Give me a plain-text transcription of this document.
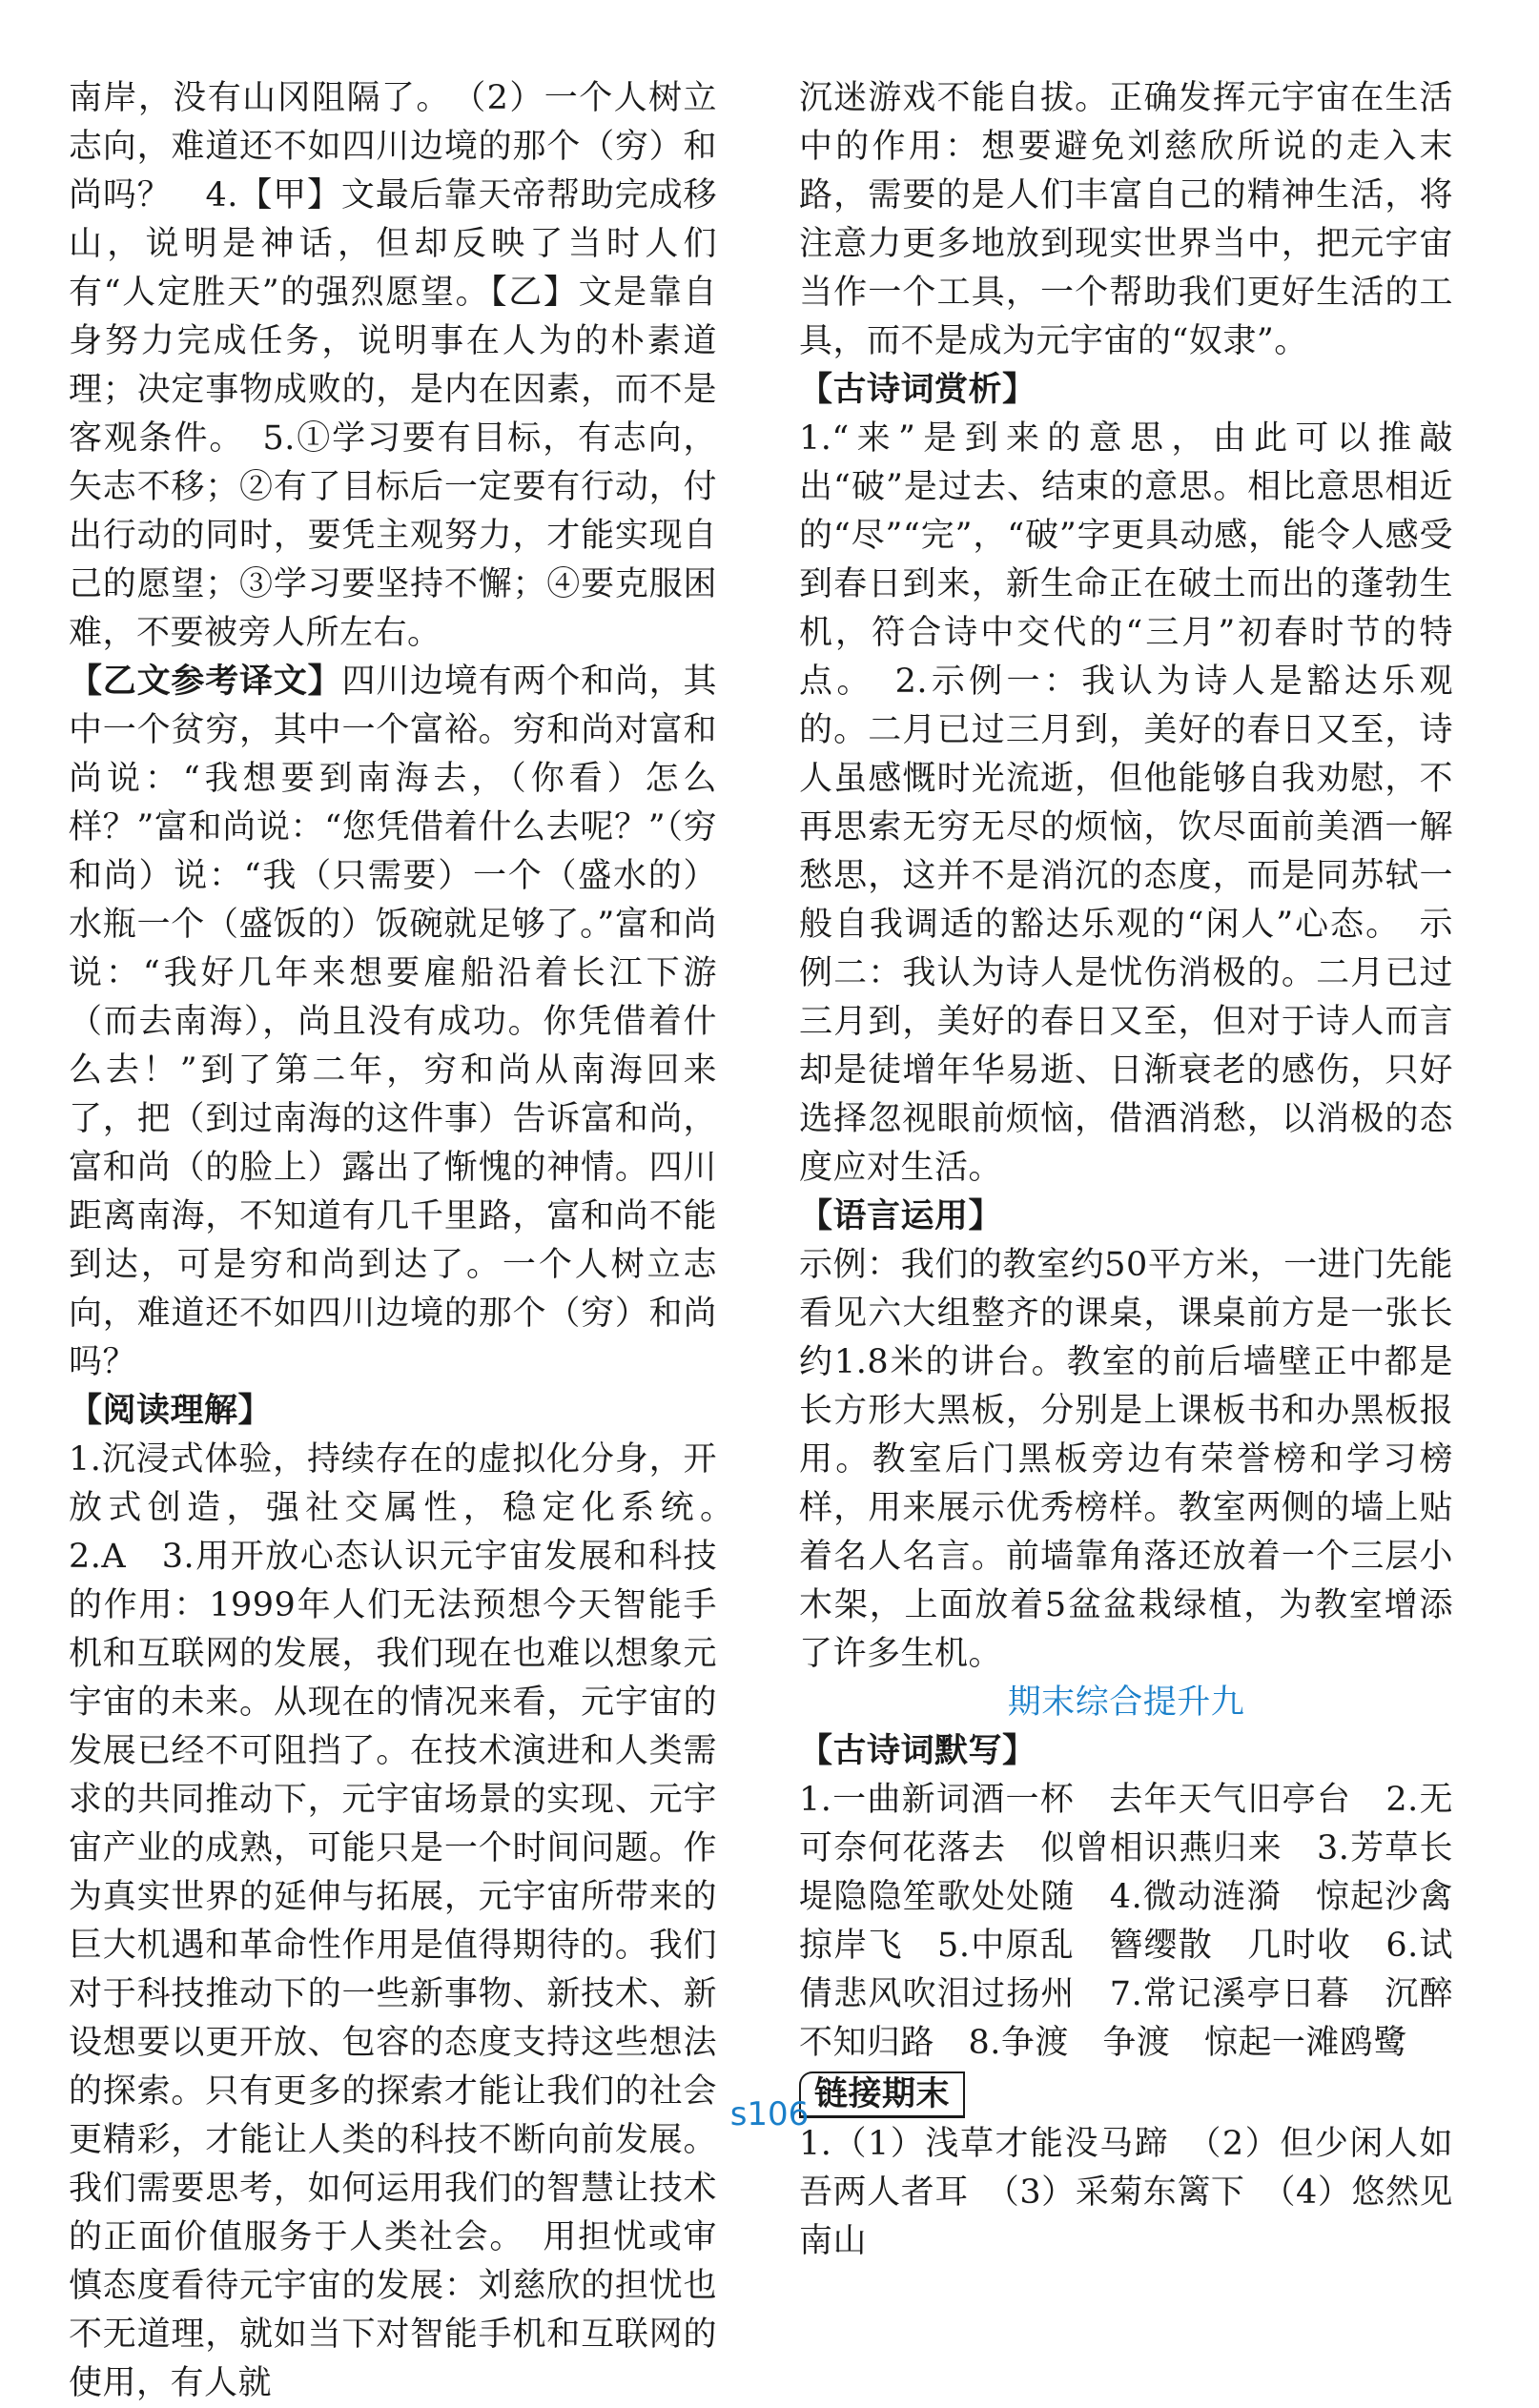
南岸，没有山冈阻隔了。　（2）一个人树立志向，难道还不如四川边境的那个（穷）和尚吗？　4.【甲】文最后靠天帝帮助完成移山，说明是神话，但却反映了当时人们有“人定胜天”的强烈愿望。【乙】文是靠自身努力完成任务，说明事在人为的朴素道理；决定事物成败的，是内在因素，而不是客观条件。　5.①学习要有目标，有志向，矢志不移；②有了目标后一定要有行动，付出行动的同时，要凭主观努力，才能实现自己的愿望；③学习要坚持不懈；④要克服困难，不要被旁人所左右。

【乙文参考译文】四川边境有两个和尚，其中一个贫穷，其中一个富裕。穷和尚对富和尚说：“我想要到南海去，（你看）怎么样？”富和尚说：“您凭借着什么去呢？”（穷和尚）说：“我（只需要）一个（盛水的）水瓶一个（盛饭的）饭碗就足够了。”富和尚说：“我好几年来想要雇船沿着长江下游（而去南海），尚且没有成功。你凭借着什么去！”到了第二年，穷和尚从南海回来了，把（到过南海的这件事）告诉富和尚，富和尚（的脸上）露出了惭愧的神情。四川距离南海，不知道有几千里路，富和尚不能到达，可是穷和尚到达了。一个人树立志向，难道还不如四川边境的那个（穷）和尚吗？

【阅读理解】

1.沉浸式体验，持续存在的虚拟化分身，开放式创造，强社交属性，稳定化系统。　2.A　3.用开放心态认识元宇宙发展和科技的作用：1999年人们无法预想今天智能手机和互联网的发展，我们现在也难以想象元宇宙的未来。从现在的情况来看，元宇宙的发展已经不可阻挡了。在技术演进和人类需求的共同推动下，元宇宙场景的实现、元宇宙产业的成熟，可能只是一个时间问题。作为真实世界的延伸与拓展，元宇宙所带来的巨大机遇和革命性作用是值得期待的。我们对于科技推动下的一些新事物、新技术、新设想要以更开放、包容的态度支持这些想法的探索。只有更多的探索才能让我们的社会更精彩，才能让人类的科技不断向前发展。我们需要思考，如何运用我们的智慧让技术的正面价值服务于人类社会。　用担忧或审慎态度看待元宇宙的发展：刘慈欣的担忧也不无道理，就如当下对智能手机和互联网的使用，有人就

沉迷游戏不能自拔。正确发挥元宇宙在生活中的作用：想要避免刘慈欣所说的走入末路，需要的是人们丰富自己的精神生活，将注意力更多地放到现实世界当中，把元宇宙当作一个工具，一个帮助我们更好生活的工具，而不是成为元宇宙的“奴隶”。

【古诗词赏析】

1.“来”是到来的意思，由此可以推敲出“破”是过去、结束的意思。相比意思相近的“尽”“完”，“破”字更具动感，能令人感受到春日到来，新生命正在破土而出的蓬勃生机，符合诗中交代的“三月”初春时节的特点。　2.示例一：我认为诗人是豁达乐观的。二月已过三月到，美好的春日又至，诗人虽感慨时光流逝，但他能够自我劝慰，不再思索无穷无尽的烦恼，饮尽面前美酒一解愁思，这并不是消沉的态度，而是同苏轼一般自我调适的豁达乐观的“闲人”心态。　示例二：我认为诗人是忧伤消极的。二月已过三月到，美好的春日又至，但对于诗人而言却是徒增年华易逝、日渐衰老的感伤，只好选择忽视眼前烦恼，借酒消愁，以消极的态度应对生活。

【语言运用】

示例：我们的教室约50平方米，一进门先能看见六大组整齐的课桌，课桌前方是一张长约1.8米的讲台。教室的前后墙壁正中都是长方形大黑板，分别是上课板书和办黑板报用。教室后门黑板旁边有荣誉榜和学习榜样，用来展示优秀榜样。教室两侧的墙上贴着名人名言。前墙靠角落还放着一个三层小木架，上面放着5盆盆栽绿植，为教室增添了许多生机。

期末综合提升九
【古诗词默写】

1.一曲新词酒一杯　去年天气旧亭台　2.无可奈何花落去　似曾相识燕归来　3.芳草长堤隐隐笙歌处处随　4.微动涟漪　惊起沙禽掠岸飞　5.中原乱　簪缨散　几时收　6.试倩悲风吹泪过扬州　7.常记溪亭日暮　沉醉不知归路　8.争渡　争渡　惊起一滩鸥鹭

链接期末

1.（1）浅草才能没马蹄　（2）但少闲人如吾两人者耳　（3）采菊东篱下　（4）悠然见南山

s106
